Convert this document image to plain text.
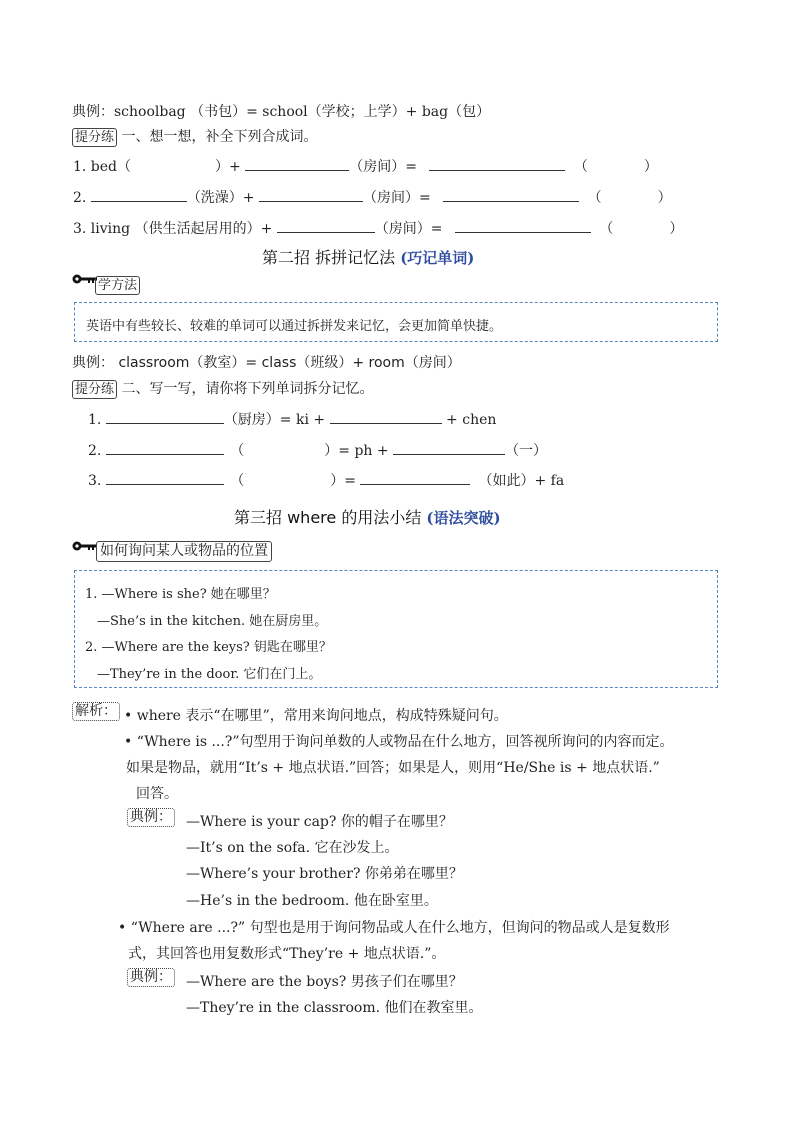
典例：schoolbag （书包）= school（学校；上学）+ bag（包）
提分练 一、想一想，补全下列合成词。
1. bed（	）+	（房间）=	（	）
2.	（洗澡）+	（房间）=	（	）
3. living （供生活起居用的）+	（房间）=	（	）
第二招 拆拼记忆法 (巧记单词)
学方法
英语中有些较长、较难的单词可以通过拆拼发来记忆，会更加简单快捷。
典例： classroom（教室）= class（班级）+ room（房间）
提分练 二、写一写，请你将下列单词拆分记忆。
1.	（厨房）= ki +	+ chen
2.	（	）= ph +	（一）
3.	（	）=	（如此）+ fa
第三招 where 的用法小结 (语法突破)
如何询问某人或物品的位置
1. —Where is she? 她在哪里？
—She’s in the kitchen. 她在厨房里。
2. —Where are the keys? 钥匙在哪里？
—They’re in the door. 它们在门上。
解析： • where 表示“在哪里”，常用来询问地点，构成特殊疑问句。
• “Where is ...?”句型用于询问单数的人或物品在什么地方，回答视所询问的内容而定。
如果是物品，就用“It’s + 地点状语.”回答；如果是人，则用“He/She is + 地点状语.”
回答。
典例： —Where is your cap? 你的帽子在哪里？
—It’s on the sofa. 它在沙发上。
—Where’s your brother? 你弟弟在哪里？
—He’s in the bedroom. 他在卧室里。
• “Where are ...?” 句型也是用于询问物品或人在什么地方，但询问的物品或人是复数形
式，其回答也用复数形式“They’re + 地点状语.”。
典例： —Where are the boys? 男孩子们在哪里？
—They’re in the classroom. 他们在教室里。
